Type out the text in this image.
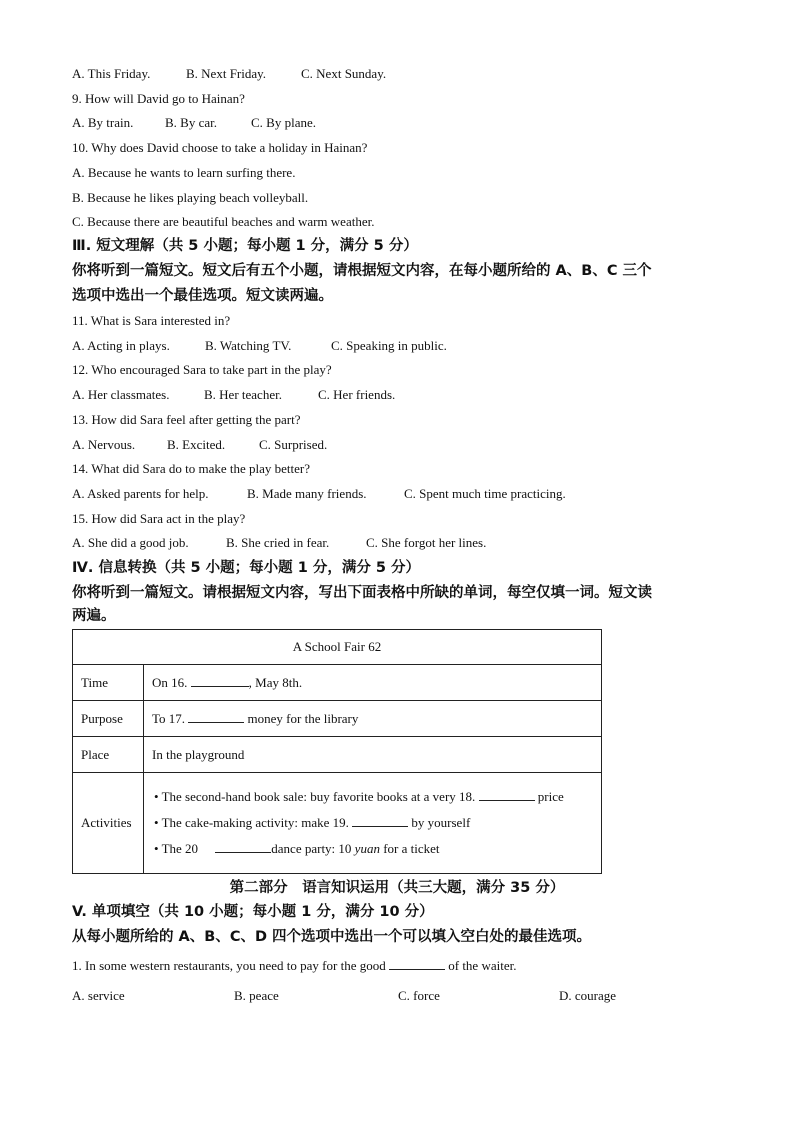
A. This Friday.	B. Next Friday.	C. Next Sunday.
9. How will David go to Hainan?
A. By train. B. By car.	C. By plane.
10. Why does David choose to take a holiday in Hainan?
A. Because he wants to learn surfing there.
B. Because he likes playing beach volleyball.
C. Because there are beautiful beaches and warm weather.
Ⅲ. 短文理解（共 5 小题；每小题 1 分，满分 5 分）
你将听到一篇短文。短文后有五个小题，请根据短文内容，在每小题所给的 A、B、C 三个
选项中选出一个最佳选项。短文读两遍。
11. What is Sara interested in?
A. Acting in plays.	B. Watching TV.	C. Speaking in public.
12. Who encouraged Sara to take part in the play?
A. Her classmates.	B. Her teacher.	C. Her friends.
13. How did Sara feel after getting the part?
A. Nervous. B. Excited.	C. Surprised.
14. What did Sara do to make the play better?
A. Asked parents for help.	B. Made many friends.	C. Spent much time practicing.
15. How did Sara act in the play?
A. She did a good job.	B. She cried in fear.	C. She forgot her lines.
Ⅳ. 信息转换（共 5 小题；每小题 1 分，满分 5 分）
你将听到一篇短文。请根据短文内容，写出下面表格中所缺的单词，每空仅填一词。短文读
两遍。
A School Fair 62	
Time	On 16. , May 8th.
Purpose	To 17. money for the library
Place	In the playground
Activities	• The second-hand book sale: buy favorite books at a very 18. price
• The cake-making activity: make 19. by yourself
• The 20 dance party: 10 yuan for a ticket
第二部分　语言知识运用（共三大题，满分 35 分）
V. 单项填空（共 10 小题；每小题 1 分，满分 10 分）
从每小题所给的 A、B、C、D 四个选项中选出一个可以填入空白处的最佳选项。
1. In some western restaurants, you need to pay for the good	of the waiter.
A. service	B. peace	C. force	D. courage
